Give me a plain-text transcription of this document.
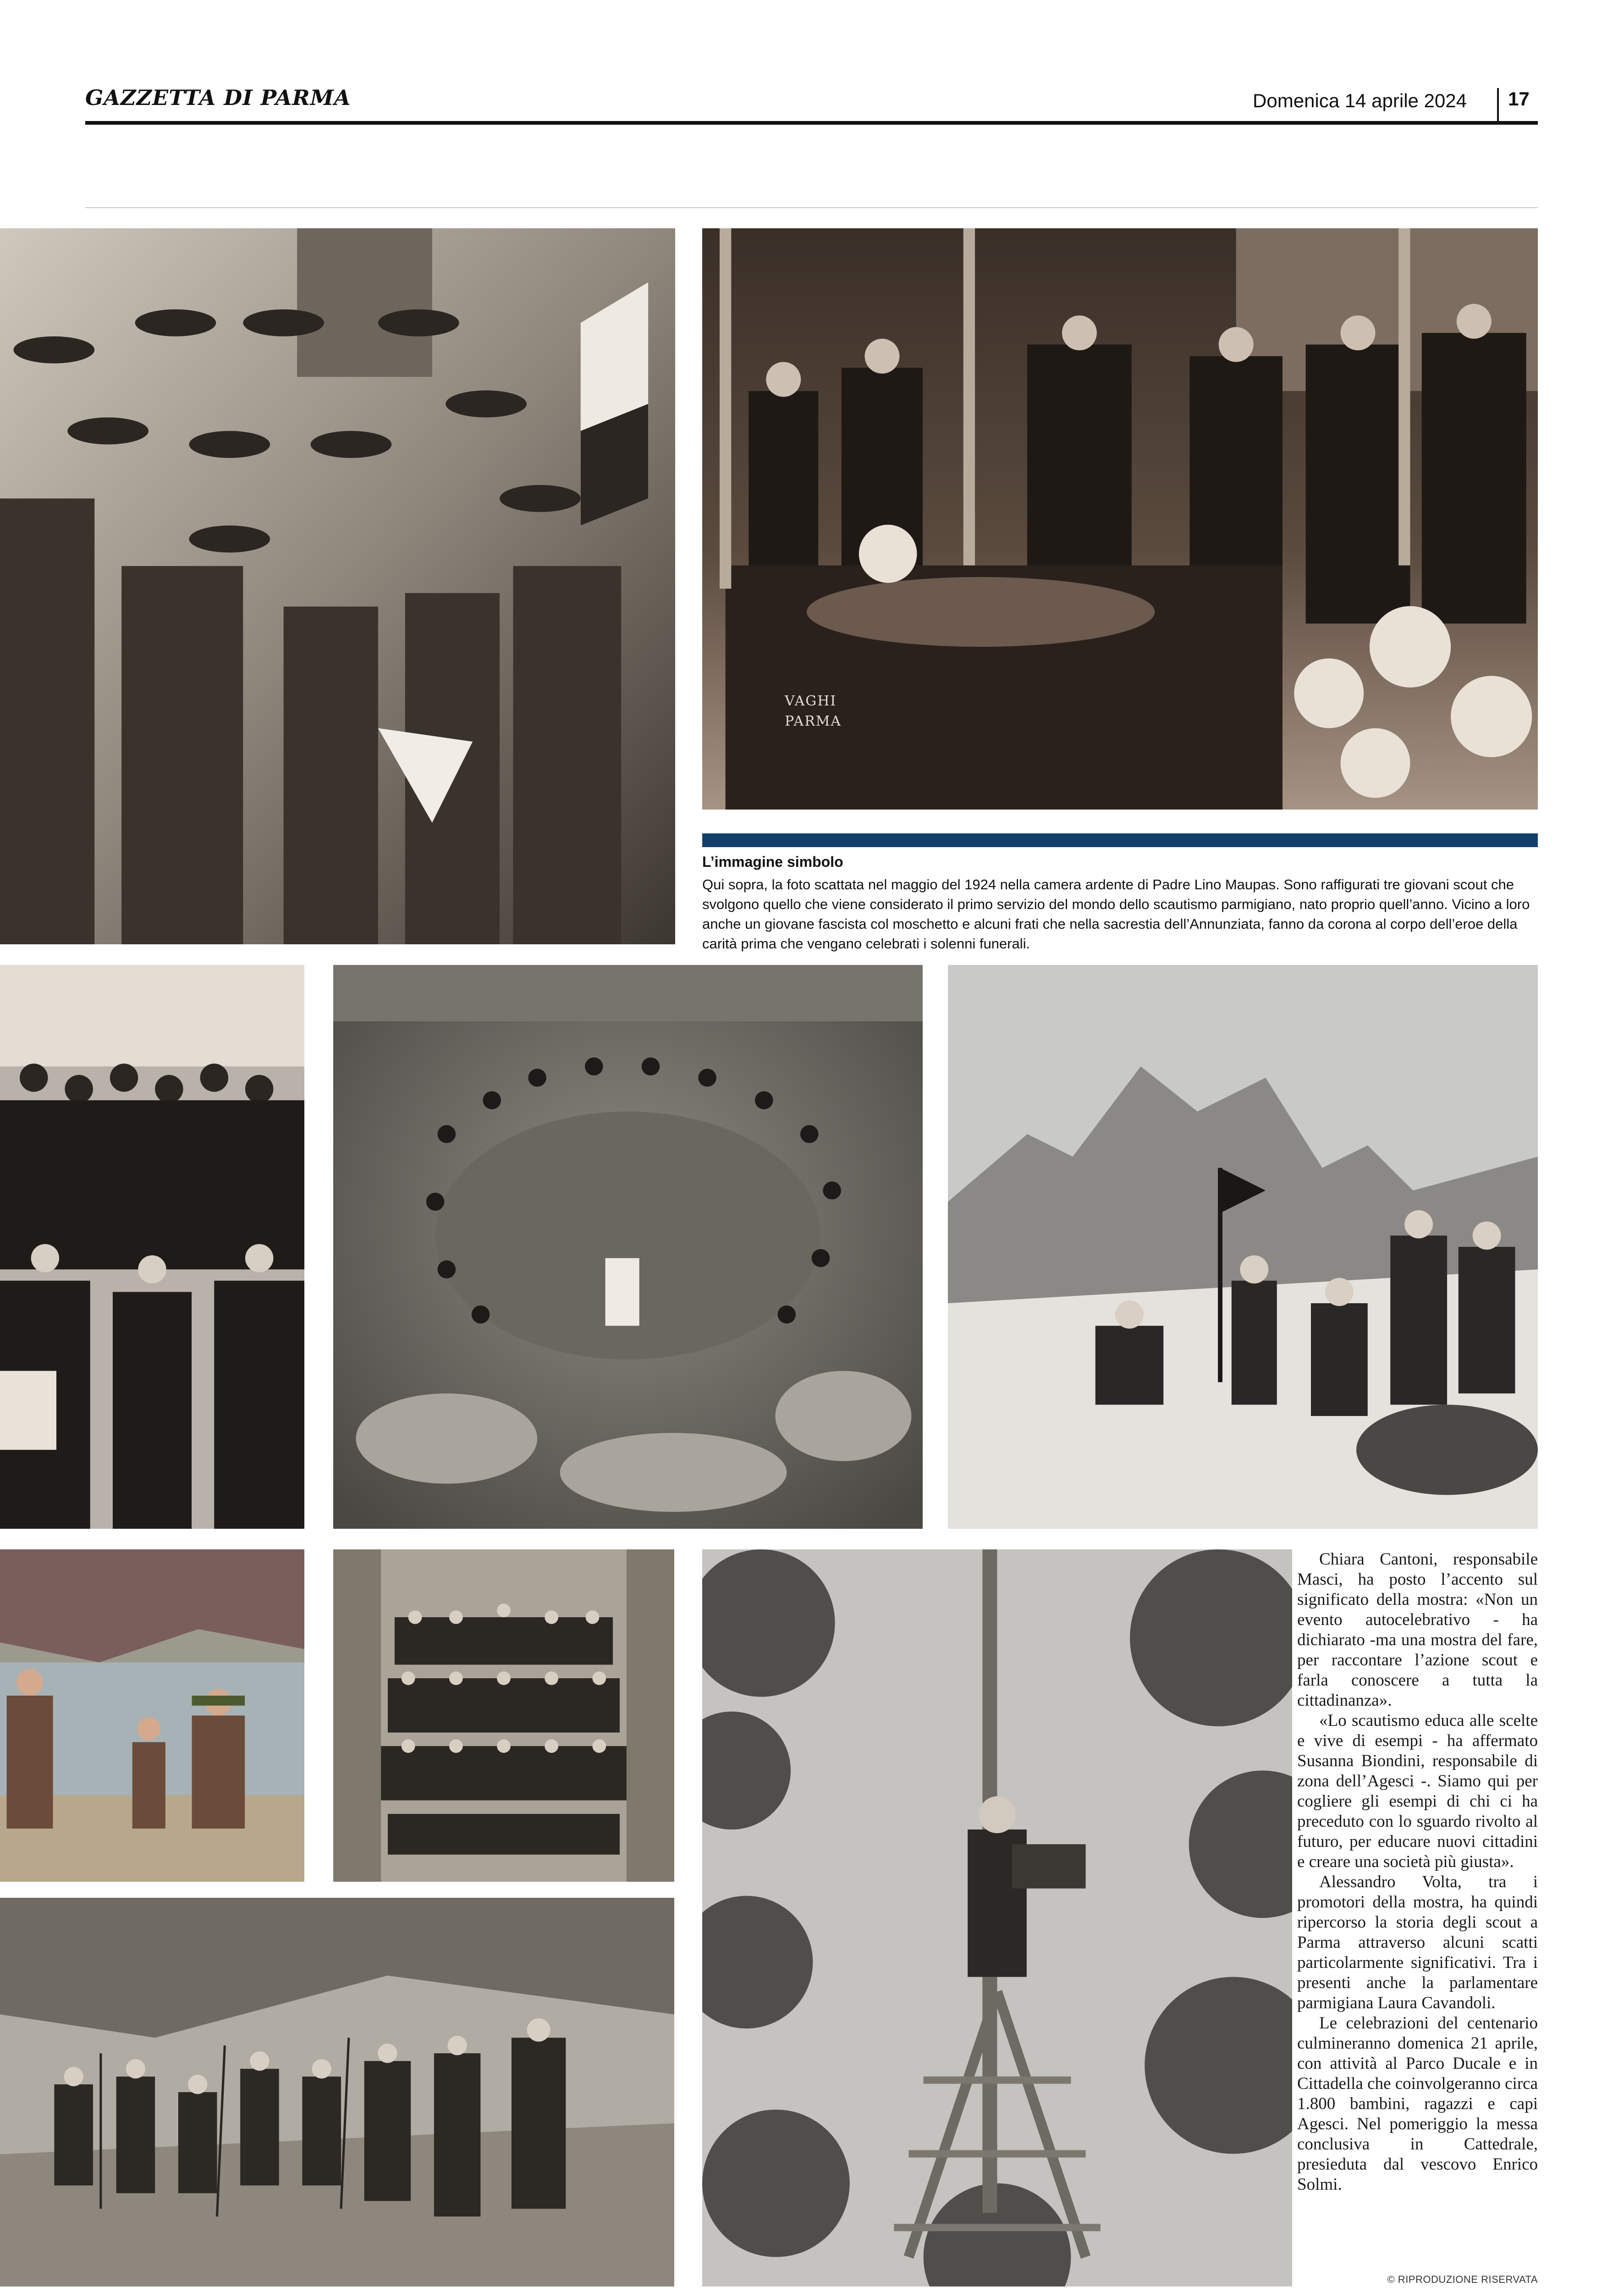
GAZZETTA DI PARMA	Domenica 14 aprile 2024 17
VAGHI PARMA
L’immagine simbolo
Qui sopra, la foto scattata nel maggio del 1924 nella camera ardente di Padre Lino Maupas. Sono raffigurati tre giovani scout che svolgono quello che viene considerato il primo servizio del mondo dello scautismo parmigiano, nato proprio quell’anno. Vicino a loro anche un giovane fascista col moschetto e alcuni frati che nella sacrestia dell’Annunziata, fanno da corona al corpo dell’eroe della carità prima che vengano celebrati i solenni funerali.

Chiara Cantoni, responsabile Masci, ha posto l’accento sul significato della mostra: «Non un evento autocelebrativo - ha dichiarato -ma una mostra del fare, per raccontare l’azione scout e farla conoscere a tutta la cittadinanza».

«Lo scautismo educa alle scelte e vive di esempi - ha affermato Susanna Biondini, responsabile di zona dell’Agesci -. Siamo qui per cogliere gli esempi di chi ci ha preceduto con lo sguardo rivolto al futuro, per educare nuovi cittadini e creare una società più giusta».

Alessandro Volta, tra i promotori della mostra, ha quindi ripercorso la storia degli scout a Parma attraverso alcuni scatti particolarmente significativi. Tra i presenti anche la parlamentare parmigiana Laura Cavandoli.

Le celebrazioni del centenario culmineranno domenica 21 aprile, con attività al Parco Ducale e in Cittadella che coinvolgeranno circa 1.800 bambini, ragazzi e capi Agesci. Nel pomeriggio la messa conclusiva in Cattedrale, presieduta dal vescovo Enrico Solmi.

© RIPRODUZIONE RISERVATA
